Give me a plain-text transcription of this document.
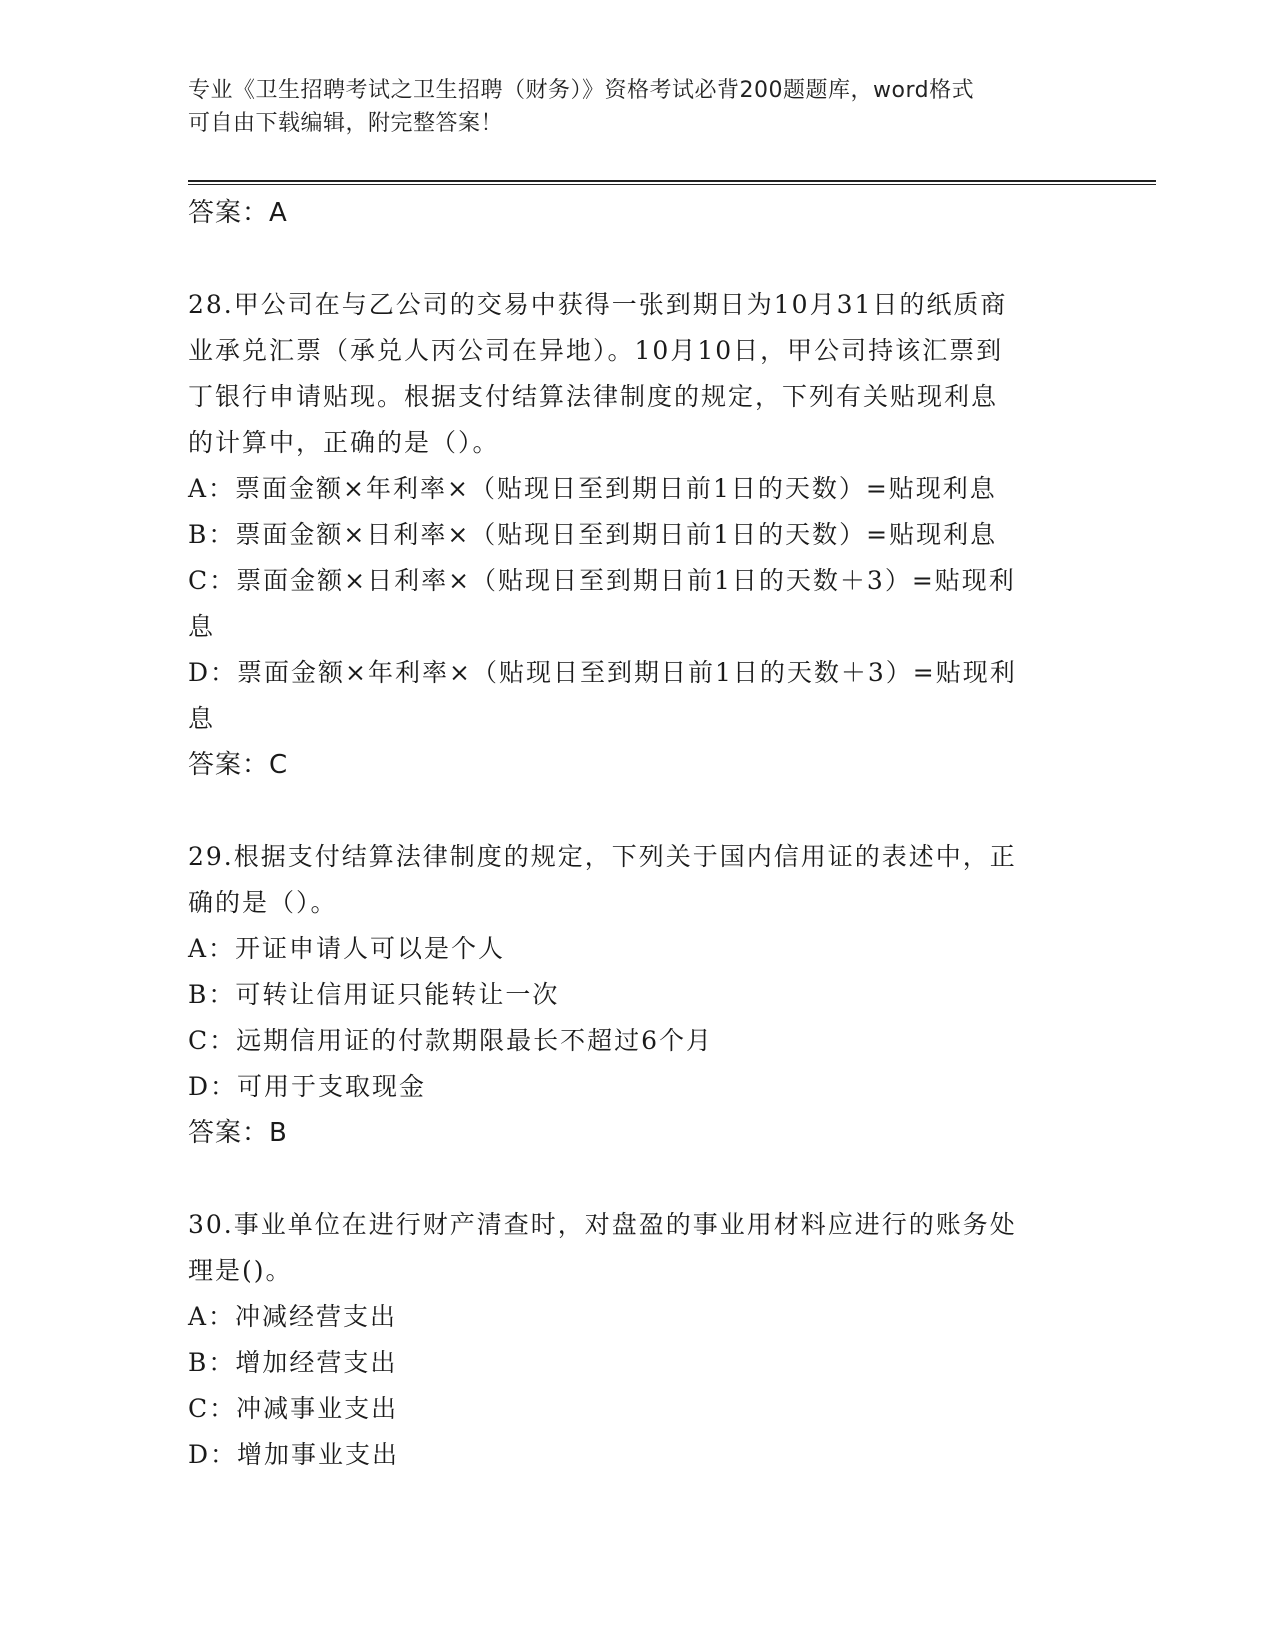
专业《卫生招聘考试之卫生招聘（财务）》资格考试必背200题题库，word格式
可自由下载编辑，附完整答案！
答案：A
28.甲公司在与乙公司的交易中获得一张到期日为10月31日的纸质商
业承兑汇票（承兑人丙公司在异地）。10月10日，甲公司持该汇票到
丁银行申请贴现。根据支付结算法律制度的规定，下列有关贴现利息
的计算中，正确的是（）。
A：票面金额×年利率×（贴现日至到期日前1日的天数）=贴现利息
B：票面金额×日利率×（贴现日至到期日前1日的天数）=贴现利息
C：票面金额×日利率×（贴现日至到期日前1日的天数＋3）=贴现利
息
D：票面金额×年利率×（贴现日至到期日前1日的天数＋3）=贴现利
息
答案：C
29.根据支付结算法律制度的规定，下列关于国内信用证的表述中，正
确的是（）。
A：开证申请人可以是个人
B：可转让信用证只能转让一次
C：远期信用证的付款期限最长不超过6个月
D：可用于支取现金
答案：B
30.事业单位在进行财产清查时，对盘盈的事业用材料应进行的账务处
理是()。
A：冲减经营支出
B：增加经营支出
C：冲减事业支出
D：增加事业支出
